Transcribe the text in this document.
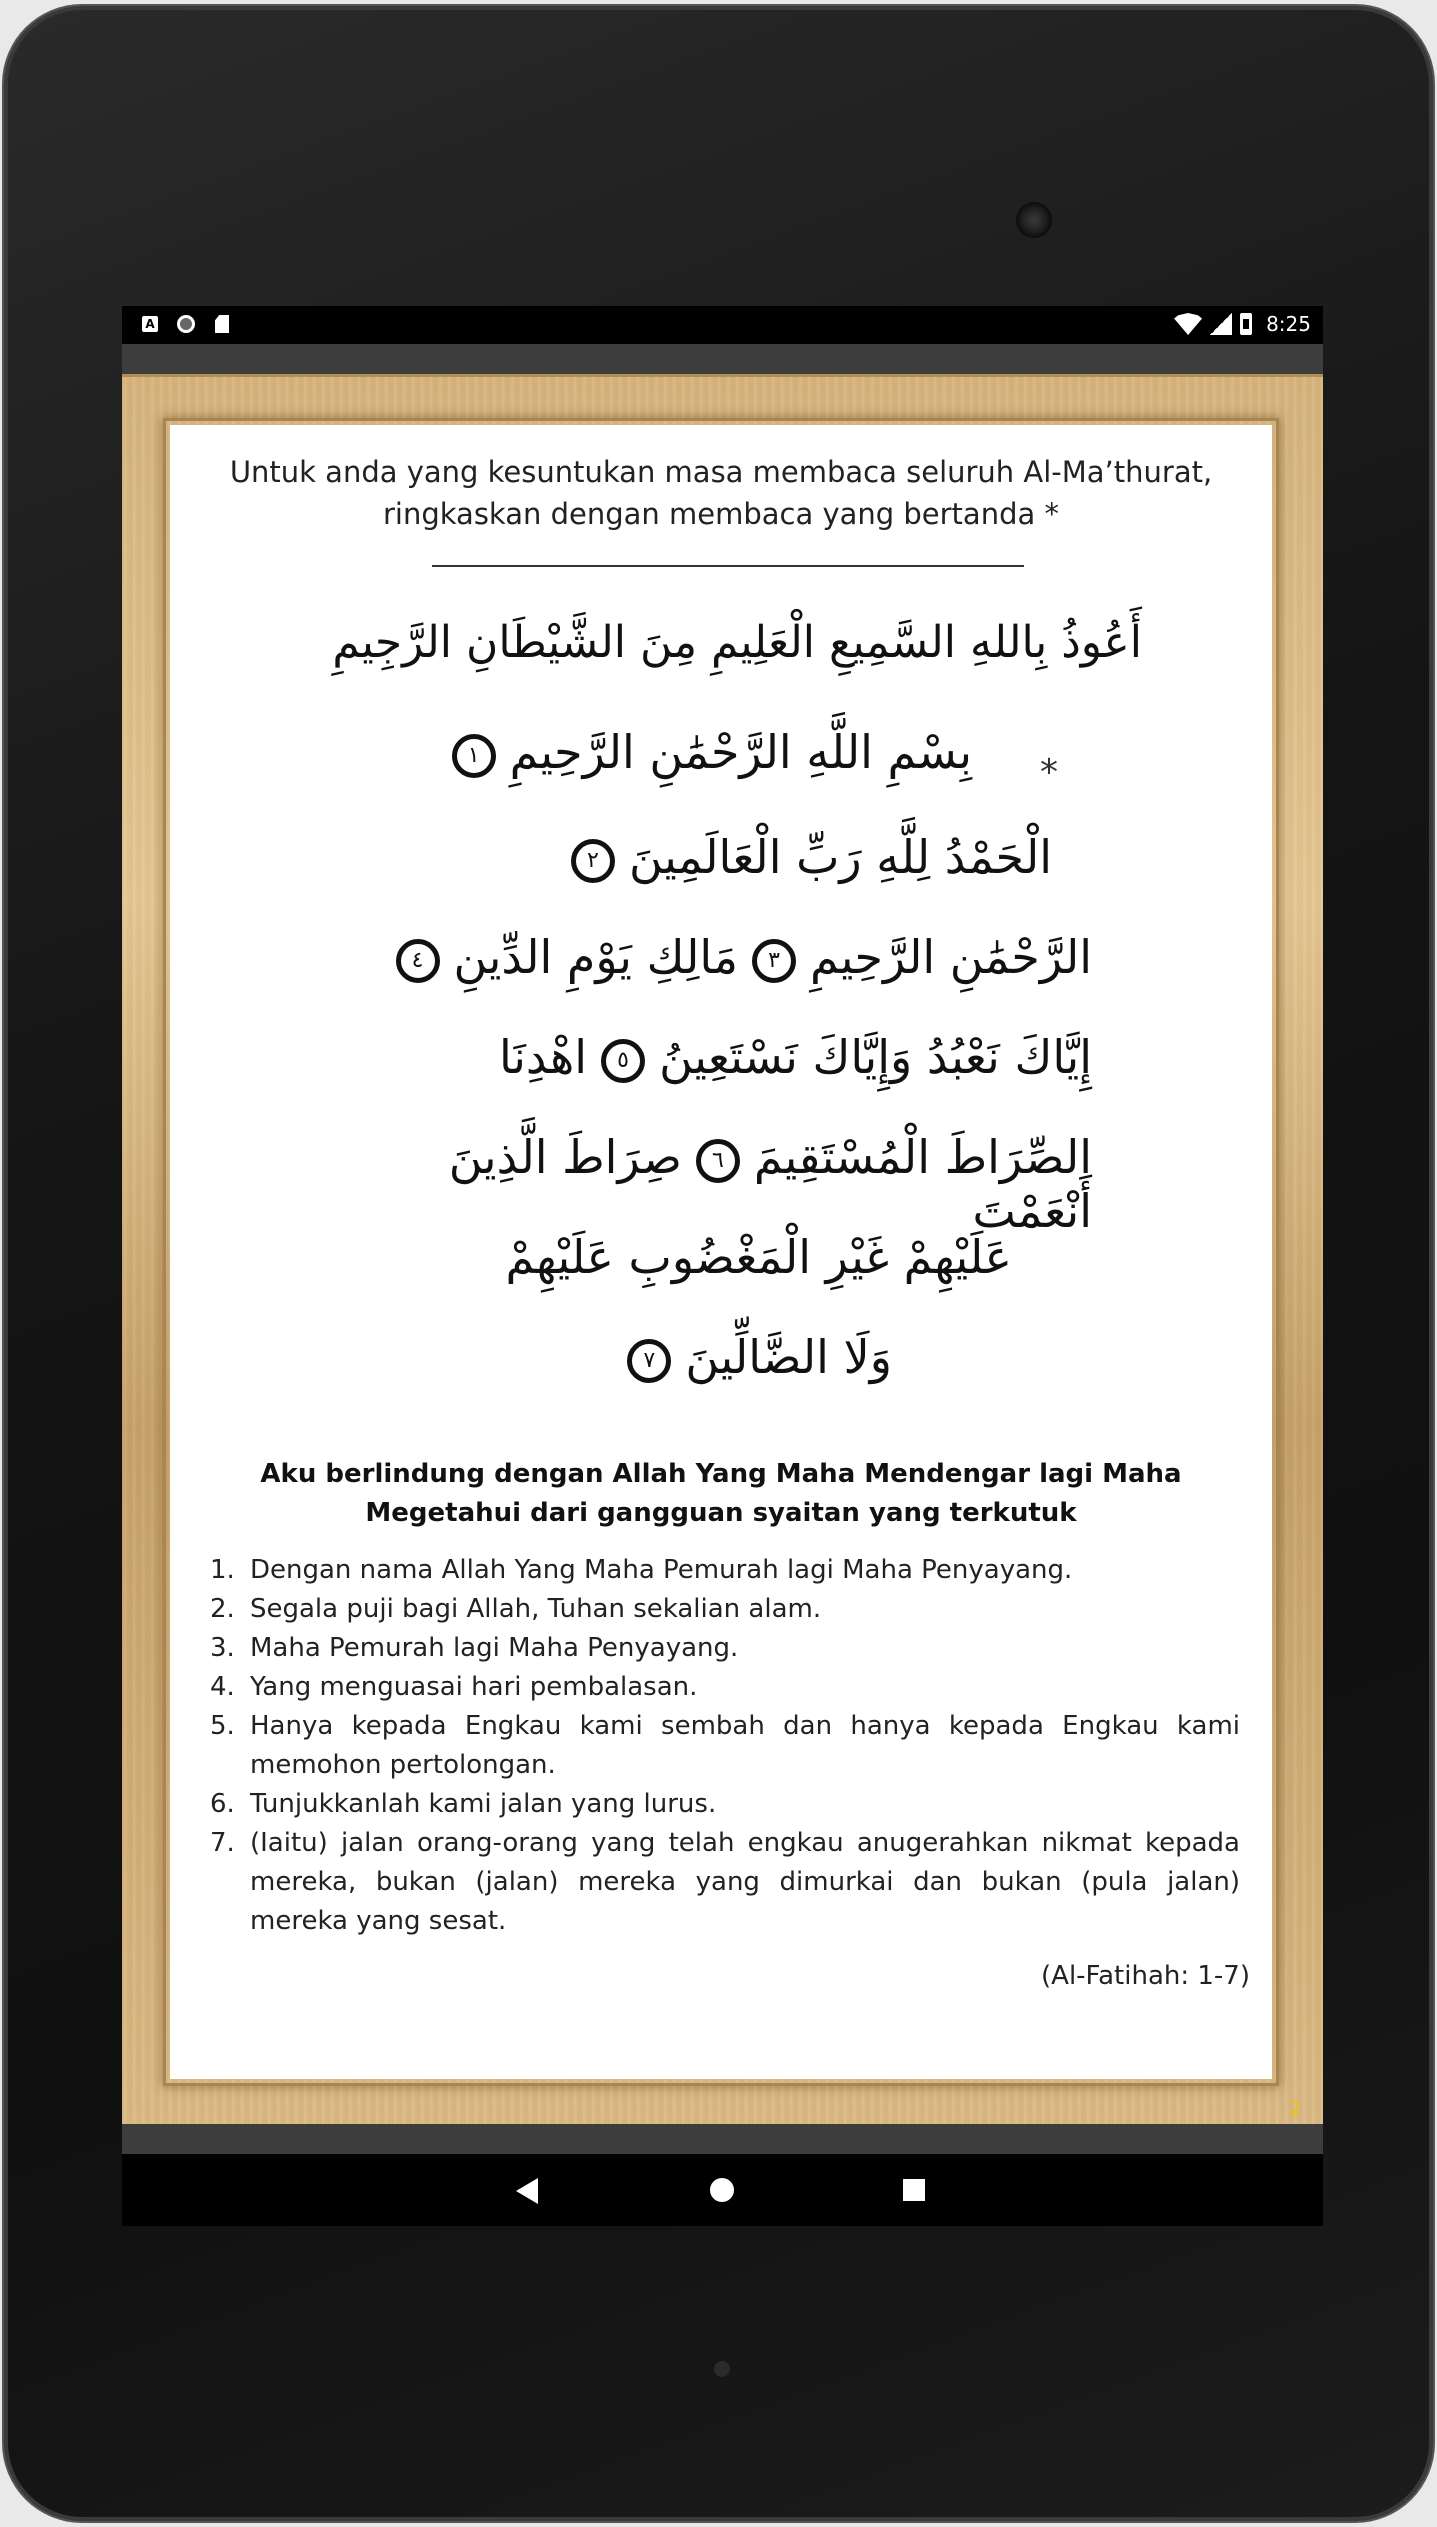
A	8:25
Untuk anda yang kesuntukan masa membaca seluruh Al-Ma’thurat,
ringkaskan dengan membaca yang bertanda *
أَعُوذُ بِاللهِ السَّمِيعِ الْعَلِيمِ مِنَ الشَّيْطَانِ الرَّجِيمِ
*
بِسْمِ اللَّهِ الرَّحْمَٰنِ الرَّحِيمِ١
الْحَمْدُ لِلَّهِ رَبِّ الْعَالَمِينَ٢
الرَّحْمَٰنِ الرَّحِيمِ٣مَالِكِ يَوْمِ الدِّينِ٤
إِيَّاكَ نَعْبُدُ وَإِيَّاكَ نَسْتَعِينُ٥اهْدِنَا
الصِّرَاطَ الْمُسْتَقِيمَ٦صِرَاطَ الَّذِينَ أَنْعَمْتَ
عَلَيْهِمْ غَيْرِ الْمَغْضُوبِ عَلَيْهِمْ
وَلَا الضَّالِّينَ٧
Aku berlindung dengan Allah Yang Maha Mendengar lagi Maha Megetahui dari gangguan syaitan yang terkutuk
1. Dengan nama Allah Yang Maha Pemurah lagi Maha Penyayang.
2. Segala puji bagi Allah, Tuhan sekalian alam.
3. Maha Pemurah lagi Maha Penyayang.
4. Yang menguasai hari pembalasan.
5. Hanya kepada Engkau kami sembah dan hanya kepada Engkau kami memohon pertolongan.
6. Tunjukkanlah kami jalan yang lurus.
7. (Iaitu) jalan orang-orang yang telah engkau anugerahkan nikmat kepada mereka, bukan (jalan) mereka yang dimurkai dan bukan (pula jalan) mereka yang sesat.
(Al-Fatihah: 1-7)
2
